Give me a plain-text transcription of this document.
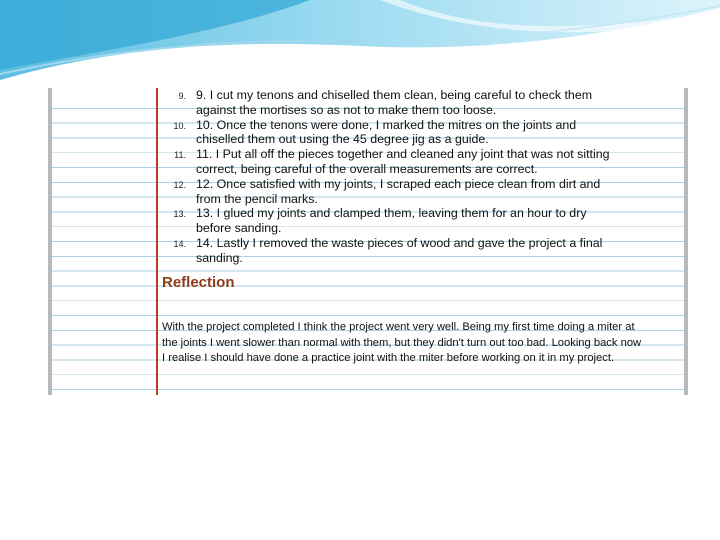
9. 9. I cut my tenons and chiselled them clean, being careful to check them
against the mortises so as not to make them too loose.
10. 10. Once the tenons were done, I marked the mitres on the joints and
chiselled them out using the 45 degree jig as a guide.
11. 11. I Put all off the pieces together and cleaned any joint that was not sitting
correct, being careful of the overall measurements are correct.
12. 12. Once satisfied with my joints, I scraped each piece clean from dirt and
from the pencil marks.
13. 13. I glued my joints and clamped them, leaving them for an hour to dry
before sanding.
14. 14. Lastly I removed the waste pieces of wood and gave the project a final
sanding.
Reflection
With the project completed I think the project went very well. Being my first time doing a miter at
the joints I went slower than normal with them, but they didn't turn out too bad. Looking back now
I realise I should have done a practice joint with the miter before working on it in my project.
